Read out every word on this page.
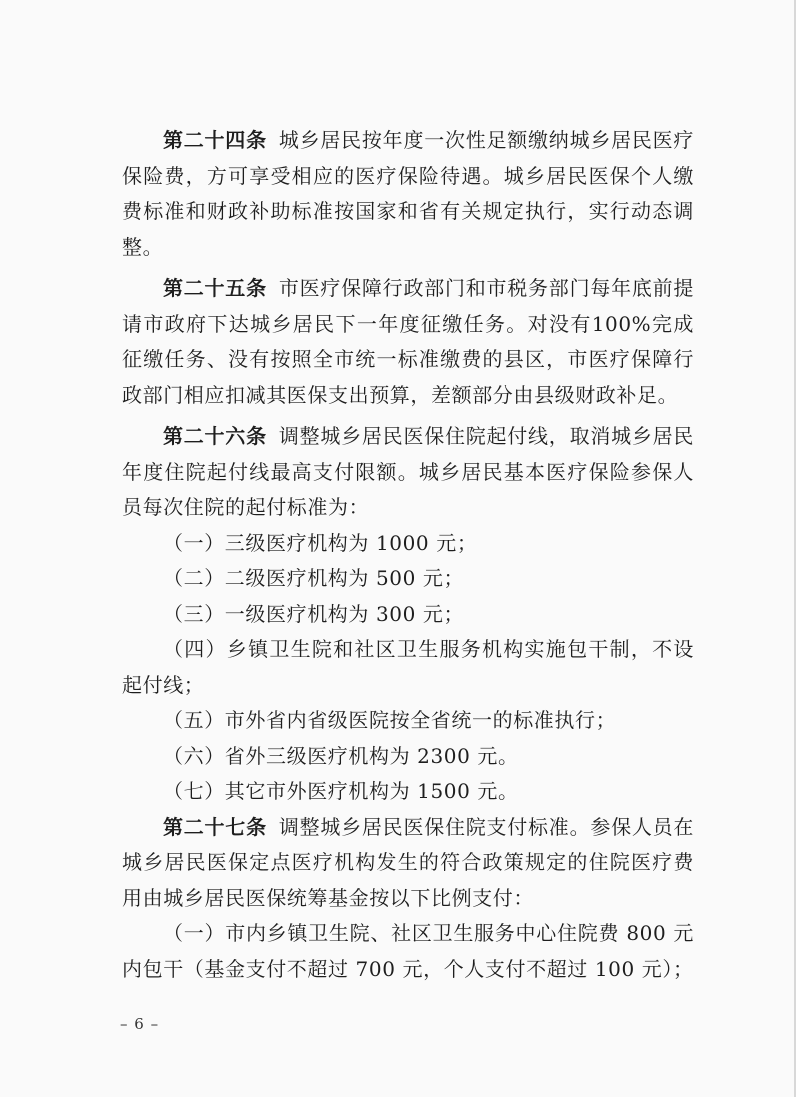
第二十四条 城乡居民按年度一次性足额缴纳城乡居民医疗保险费，方可享受相应的医疗保险待遇。城乡居民医保个人缴费标准和财政补助标准按国家和省有关规定执行，实行动态调整。

第二十五条 市医疗保障行政部门和市税务部门每年底前提请市政府下达城乡居民下一年度征缴任务。对没有100%完成征缴任务、没有按照全市统一标准缴费的县区，市医疗保障行政部门相应扣减其医保支出预算，差额部分由县级财政补足。

第二十六条 调整城乡居民医保住院起付线，取消城乡居民年度住院起付线最高支付限额。城乡居民基本医疗保险参保人员每次住院的起付标准为：

（一）三级医疗机构为 1000 元；

（二）二级医疗机构为 500 元；

（三）一级医疗机构为 300 元；

（四）乡镇卫生院和社区卫生服务机构实施包干制，不设起付线；

（五）市外省内省级医院按全省统一的标准执行；

（六）省外三级医疗机构为 2300 元。

（七）其它市外医疗机构为 1500 元。

第二十七条 调整城乡居民医保住院支付标准。参保人员在城乡居民医保定点医疗机构发生的符合政策规定的住院医疗费用由城乡居民医保统筹基金按以下比例支付：

（一）市内乡镇卫生院、社区卫生服务中心住院费 800 元内包干（基金支付不超过 700 元，个人支付不超过 100 元）；

– 6 –
